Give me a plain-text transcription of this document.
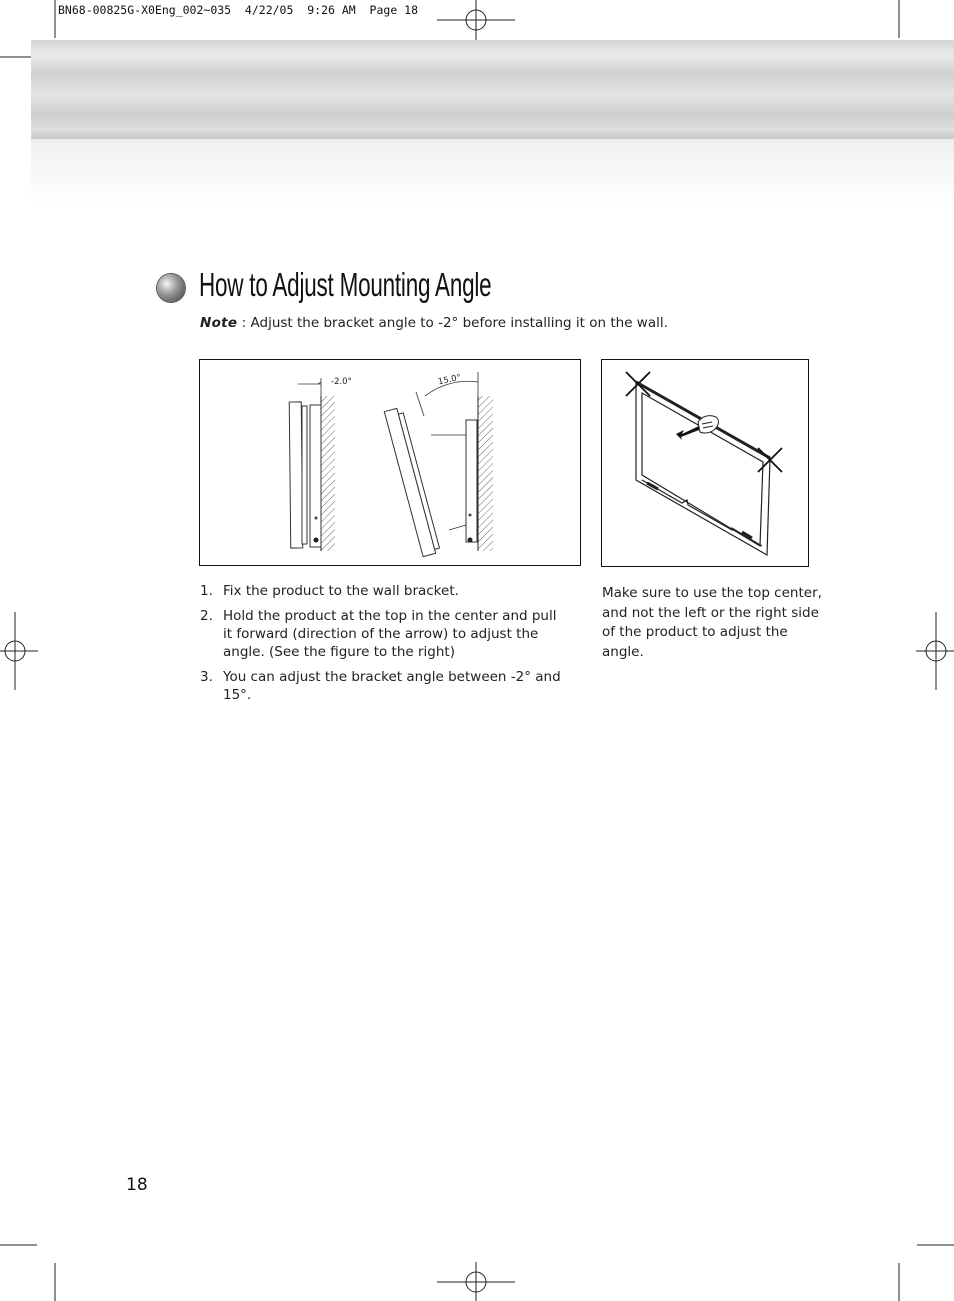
BN68-00825G-X0Eng_002~035  4/22/05  9:26 AM  Page 18
How to Adjust Mounting Angle
Note : Adjust the bracket angle to -2° before installing it on the wall.
-2.0°	15.0°
1. Fix the product to the wall bracket.
2. Hold the product at the top in the center and pull it forward (direction of the arrow) to adjust the angle. (See the figure to the right)
3. You can adjust the bracket angle between -2° and 15°.
Make sure to use the top center, and not the left or the right side of the product to adjust the angle.
18
